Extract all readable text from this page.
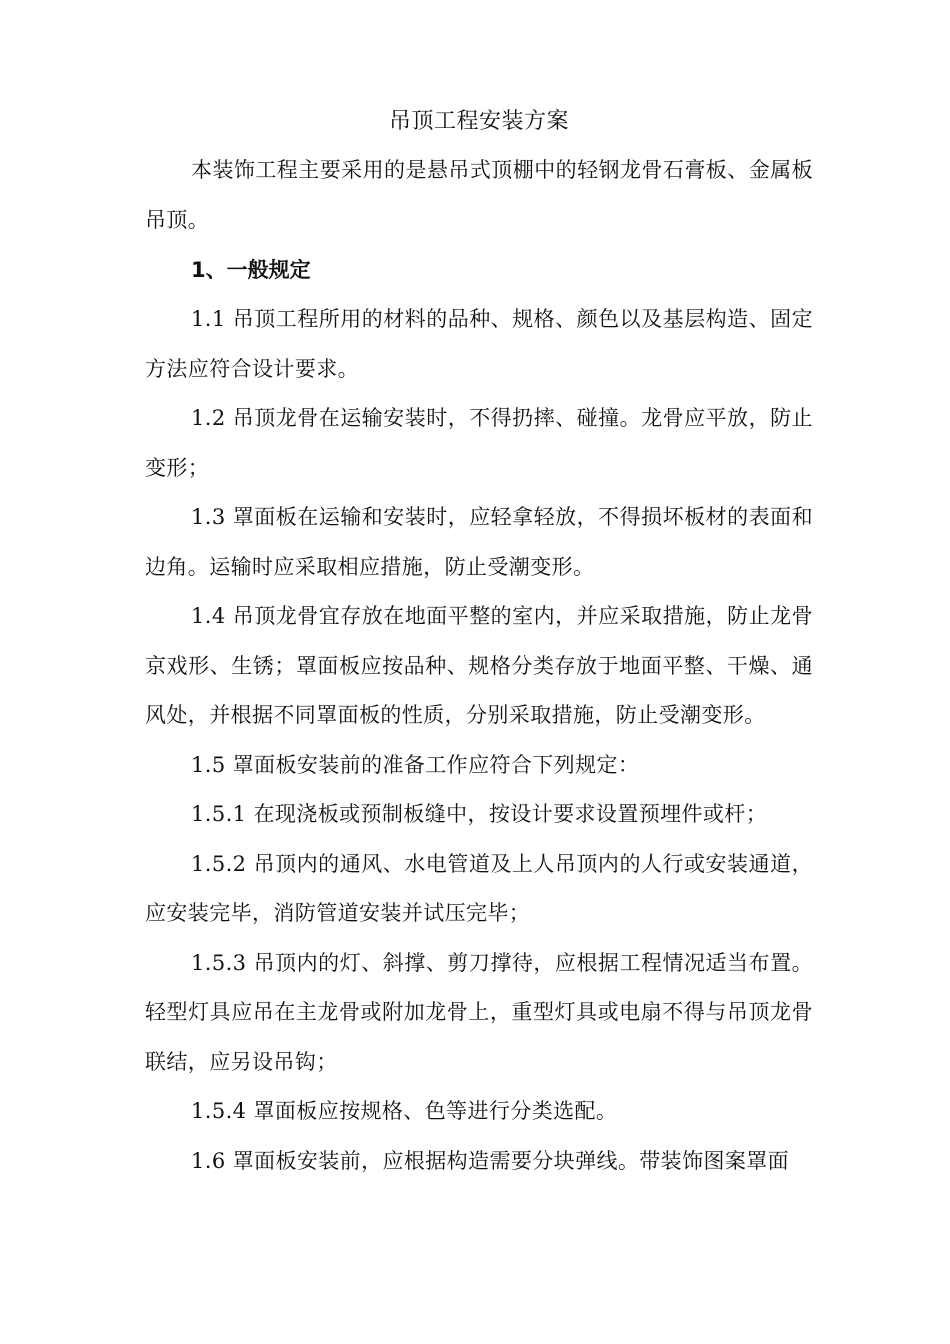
吊顶工程安装方案

本装饰工程主要采用的是悬吊式顶棚中的轻钢龙骨石膏板、金属板吊顶。

1、一般规定

1.1 吊顶工程所用的材料的品种、规格、颜色以及基层构造、固定方法应符合设计要求。

1.2 吊顶龙骨在运输安装时，不得扔摔、碰撞。龙骨应平放，防止变形；

1.3 罩面板在运输和安装时，应轻拿轻放，不得损坏板材的表面和边角。运输时应采取相应措施，防止受潮变形。

1.4 吊顶龙骨宜存放在地面平整的室内，并应采取措施，防止龙骨京戏形、生锈；罩面板应按品种、规格分类存放于地面平整、干燥、通风处，并根据不同罩面板的性质，分别采取措施，防止受潮变形。

1.5 罩面板安装前的准备工作应符合下列规定：

1.5.1 在现浇板或预制板缝中，按设计要求设置预埋件或杆；

1.5.2 吊顶内的通风、水电管道及上人吊顶内的人行或安装通道，应安装完毕，消防管道安装并试压完毕；

1.5.3 吊顶内的灯、斜撑、剪刀撑待，应根据工程情况适当布置。轻型灯具应吊在主龙骨或附加龙骨上，重型灯具或电扇不得与吊顶龙骨联结，应另设吊钩；

1.5.4 罩面板应按规格、色等进行分类选配。

1.6 罩面板安装前，应根据构造需要分块弹线。带装饰图案罩面
